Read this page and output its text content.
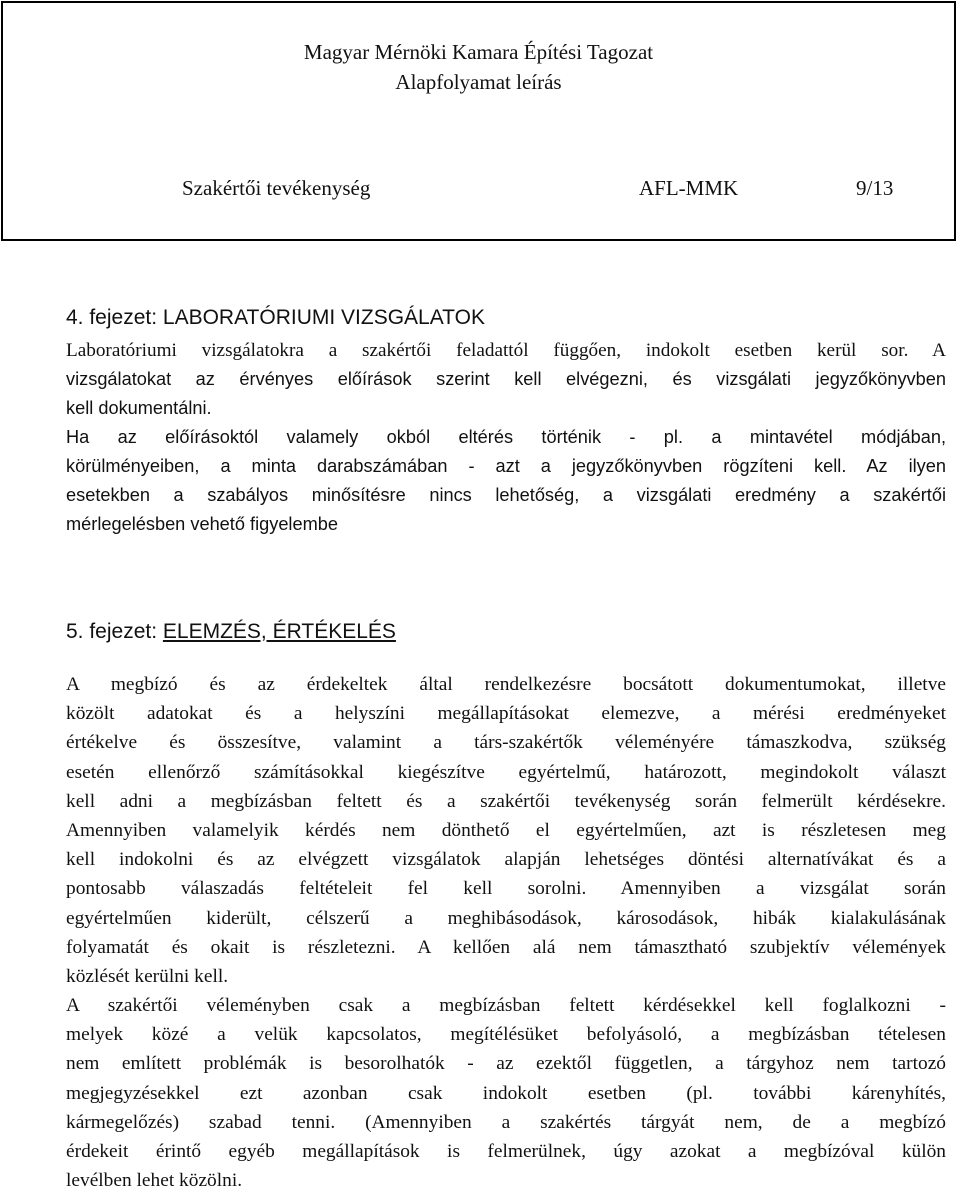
Magyar Mérnöki Kamara Építési Tagozat
Alapfolyamat leírás
Szakértői tevékenység	AFL-MMK	9/13
4. fejezet: LABORATÓRIUMI VIZSGÁLATOK
Laboratóriumi vizsgálatokra a szakértői feladattól függően, indokolt esetben kerül sor. A
vizsgálatokat az érvényes előírások szerint kell elvégezni, és vizsgálati jegyzőkönyvben
kell dokumentálni.
Ha az előírásoktól valamely okból eltérés történik - pl. a mintavétel módjában,
körülményeiben, a minta darabszámában - azt a jegyzőkönyvben rögzíteni kell. Az ilyen
esetekben a szabályos minősítésre nincs lehetőség, a vizsgálati eredmény a szakértői
mérlegelésben vehető figyelembe
5. fejezet: ELEMZÉS, ÉRTÉKELÉS
A megbízó és az érdekeltek által rendelkezésre bocsátott dokumentumokat, illetve
közölt adatokat és a helyszíni megállapításokat elemezve, a mérési eredményeket
értékelve és összesítve, valamint a társ-szakértők véleményére támaszkodva, szükség
esetén ellenőrző számításokkal kiegészítve egyértelmű, határozott, megindokolt választ
kell adni a megbízásban feltett és a szakértői tevékenység során felmerült kérdésekre.
Amennyiben valamelyik kérdés nem dönthető el egyértelműen, azt is részletesen meg
kell indokolni és az elvégzett vizsgálatok alapján lehetséges döntési alternatívákat és a
pontosabb válaszadás feltételeit fel kell sorolni. Amennyiben a vizsgálat során
egyértelműen kiderült, célszerű a meghibásodások, károsodások, hibák kialakulásának
folyamatát és okait is részletezni. A kellően alá nem támasztható szubjektív vélemények
közlését kerülni kell.
A szakértői véleményben csak a megbízásban feltett kérdésekkel kell foglalkozni -
melyek közé a velük kapcsolatos, megítélésüket befolyásoló, a megbízásban tételesen
nem említett problémák is besorolhatók - az ezektől független, a tárgyhoz nem tartozó
megjegyzésekkel ezt azonban csak indokolt esetben (pl. további kárenyhítés,
kármegelőzés) szabad tenni. (Amennyiben a szakértés tárgyát nem, de a megbízó
érdekeit érintő egyéb megállapítások is felmerülnek, úgy azokat a megbízóval külön
levélben lehet közölni.
